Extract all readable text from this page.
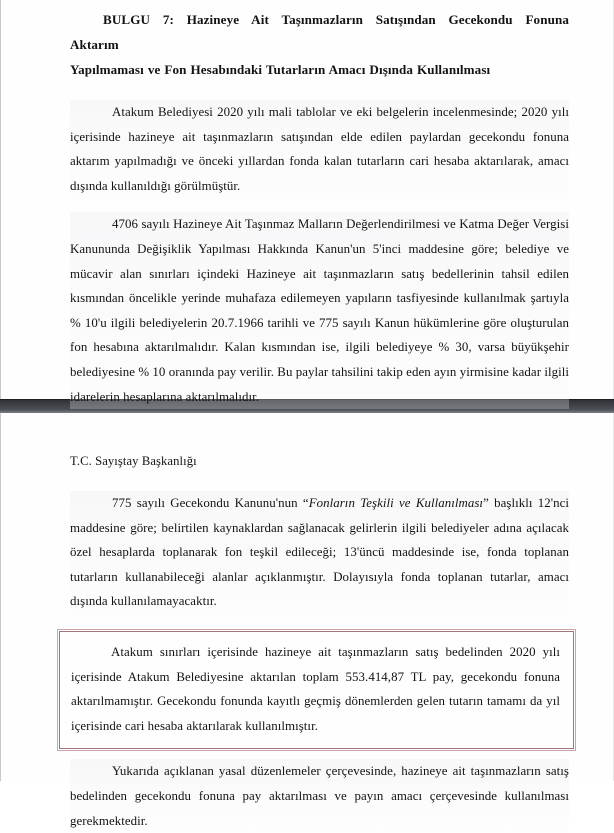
BULGU 7: Hazineye Ait Taşınmazların Satışından Gecekondu Fonuna Aktarım
Yapılmaması ve Fon Hesabındaki Tutarların Amacı Dışında Kullanılması

Atakum Belediyesi 2020 yılı mali tablolar ve eki belgelerin incelenmesinde; 2020 yılı içerisinde hazineye ait taşınmazların satışından elde edilen paylardan gecekondu fonuna aktarım yapılmadığı ve önceki yıllardan fonda kalan tutarların cari hesaba aktarılarak, amacı dışında kullanıldığı görülmüştür.

4706 sayılı Hazineye Ait Taşınmaz Malların Değerlendirilmesi ve Katma Değer Vergisi Kanununda Değişiklik Yapılması Hakkında Kanun'un 5'inci maddesine göre; belediye ve mücavir alan sınırları içindeki Hazineye ait taşınmazların satış bedellerinin tahsil edilen kısmından öncelikle yerinde muhafaza edilemeyen yapıların tasfiyesinde kullanılmak şartıyla % 10'u ilgili belediyelerin 20.7.1966 tarihli ve 775 sayılı Kanun hükümlerine göre oluşturulan fon hesabına aktarılmalıdır. Kalan kısmından ise, ilgili belediyeye % 30, varsa büyükşehir belediyesine % 10 oranında pay verilir. Bu paylar tahsilini takip eden ayın yirmisine kadar ilgili idarelerin hesaplarına aktarılmalıdır.

T.C. Sayıştay Başkanlığı

775 sayılı Gecekondu Kanunu'nun “Fonların Teşkili ve Kullanılması” başlıklı 12'nci maddesine göre; belirtilen kaynaklardan sağlanacak gelirlerin ilgili belediyeler adına açılacak özel hesaplarda toplanarak fon teşkil edileceği; 13'üncü maddesinde ise, fonda toplanan tutarların kullanabileceği alanlar açıklanmıştır. Dolayısıyla fonda toplanan tutarlar, amacı dışında kullanılamayacaktır.

Atakum sınırları içerisinde hazineye ait taşınmazların satış bedelinden 2020 yılı içerisinde Atakum Belediyesine aktarılan toplam 553.414,87 TL pay, gecekondu fonuna aktarılmamıştır. Gecekondu fonunda kayıtlı geçmiş dönemlerden gelen tutarın tamamı da yıl içerisinde cari hesaba aktarılarak kullanılmıştır.

Yukarıda açıklanan yasal düzenlemeler çerçevesinde, hazineye ait taşınmazların satış bedelinden gecekondu fonuna pay aktarılması ve payın amacı çerçevesinde kullanılması gerekmektedir.
